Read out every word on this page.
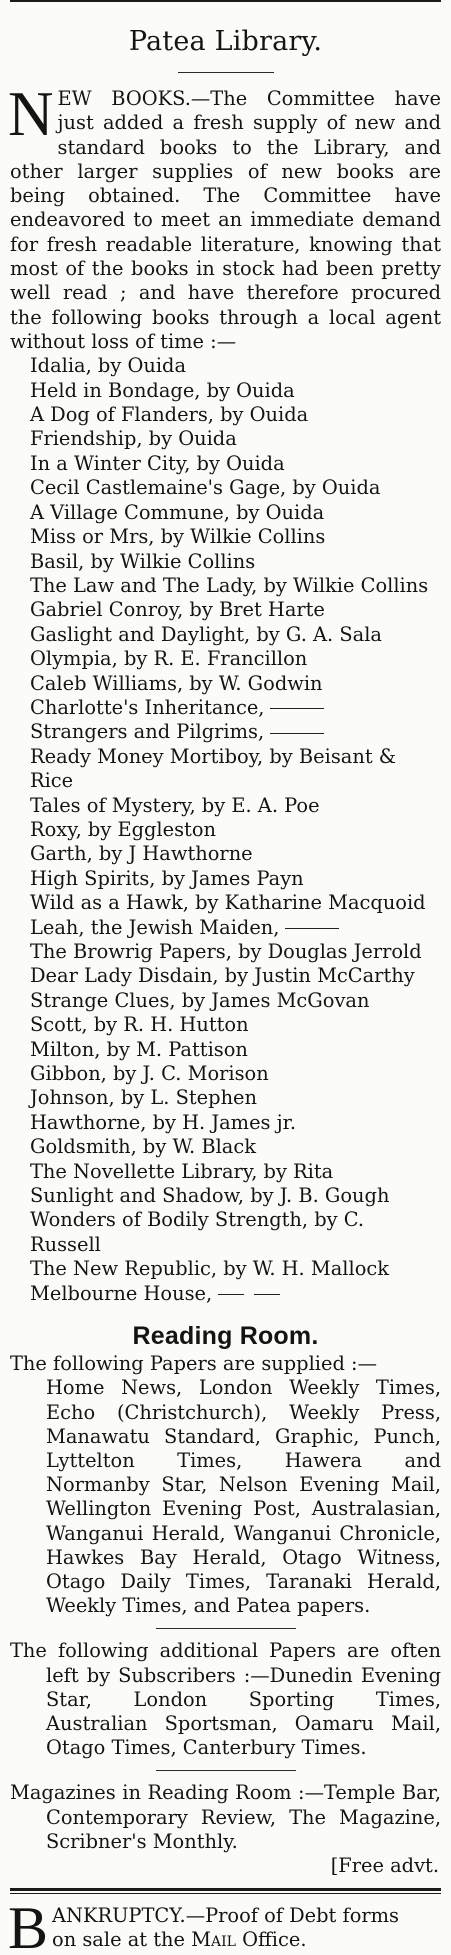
Patea Library.

NEW BOOKS.—The Committee have just added a fresh supply of new and standard books to the Library, and other larger supplies of new books are being obtained. The Committee have endeavored to meet an immediate demand for fresh readable literature, knowing that most of the books in stock had been pretty well read ; and have therefore procured the following books through a local agent without loss of time :—

Idalia, by Ouida
Held in Bondage, by Ouida
A Dog of Flanders, by Ouida
Friendship, by Ouida
In a Winter City, by Ouida
Cecil Castlemaine's Gage, by Ouida
A Village Commune, by Ouida
Miss or Mrs, by Wilkie Collins
Basil, by Wilkie Collins
The Law and The Lady, by Wilkie Collins
Gabriel Conroy, by Bret Harte
Gaslight and Daylight, by G. A. Sala
Olympia, by R. E. Francillon
Caleb Williams, by W. Godwin
Charlotte's Inheritance,
Strangers and Pilgrims,
Ready Money Mortiboy, by Beisant & Rice
Tales of Mystery, by E. A. Poe
Roxy, by Eggleston
Garth, by J Hawthorne
High Spirits, by James Payn
Wild as a Hawk, by Katharine Macquoid
Leah, the Jewish Maiden,
The Browrig Papers, by Douglas Jerrold
Dear Lady Disdain, by Justin McCarthy
Strange Clues, by James McGovan
Scott, by R. H. Hutton
Milton, by M. Pattison
Gibbon, by J. C. Morison
Johnson, by L. Stephen
Hawthorne, by H. James jr.
Goldsmith, by W. Black
The Novellette Library, by Rita
Sunlight and Shadow, by J. B. Gough
Wonders of Bodily Strength, by C. Russell
The New Republic, by W. H. Mallock
Melbourne House,
Reading Room.

The following Papers are supplied :—
Home News, London Weekly Times, Echo (Christchurch), Weekly Press, Manawatu Standard, Graphic, Punch, Lyttelton Times, Hawera and Normanby Star, Nelson Evening Mail, Wellington Evening Post, Australasian, Wanganui Herald, Wanganui Chronicle, Hawkes Bay Herald, Otago Witness, Otago Daily Times, Taranaki Herald, Weekly Times, and Patea papers.

The following additional Papers are often left by Subscribers :—Dunedin Evening Star, London Sporting Times, Australian Sportsman, Oamaru Mail, Otago Times, Canterbury Times.

Magazines in Reading Room :—Temple Bar, Contemporary Review, The Magazine, Scribner's Monthly.

[Free advt.

BANKRUPTCY.—Proof of Debt forms
on sale at the Mail Office.
